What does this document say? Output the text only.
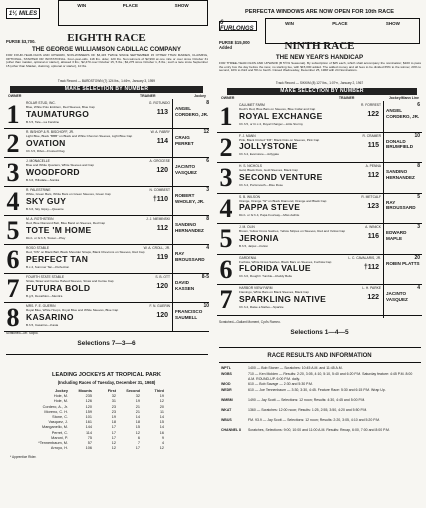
1⅛ MILES
WIN	PLACE	SHOW
PURSE $3,700.	EIGHTH RACE
THE GEORGE WILLIAMSON CADILLAC COMPANY
FOR FOUR-YEAR-OLDS AND UPWARD, NON-WINNERS OF $3,415 TWICE SINCE SEPTEMBER 15 OTHER THAN MAIDEN, CLAIMING, OPTIONAL, STARTER OR INVITATIONAL. Four-year-olds, 118 lbs. older, 120 lbs. Non-winners of $2,960 at one mile or over since October 31 (other than maiden, optional or starter), allowed 3 lbs.; $2,470 over October 15, 5 lbs.; $2,275 since October 1, 8 lbs.; such a race since September 15 (other than Maiden, claiming, optional or starter), 10 lbs.
Track Record — BARDSTOWN (7) 124 lbs., 1:46⅘, January 3, 1959
MAKE SELECTION BY NUMBER
OWNER	TRAINER	Jockey
1	ROLAR STUD, INC.	G. ROTUNDO
Blue, White Polo Emblem, Red Sleeves, Blue Cap
TAUMATURGO	113
B.h.5, Tale—La Fandine
8
ANGEL CORDERO, JR.
2	R. BISHOP & R. BISCHOFF, JR.	W. A. FABRY
Light Blue, Black "BBB" on Black and White Chevron Sleeves, Light Blue Cap
OVATION	114
Ch.h.5, Ribot—Frosted Flag
12
CRAIG PERRET
3	J. MONACELLE	A. GROCESE
Blue and White Quarters, White Sleeves and Cap
WOODFORD	120
B.h.6, Hillsdale—Sonika
6
JACINTO VASQUEZ
4	R. PALESTRINE	N. COMBEST
White, Green Bars, White Bars on Green Sleeves, Green Cap
SKY GUY	†110
B.h.6, Sky Gipsy—Queenie
3
ROBERT WHOLEY, JR.
5	M. A. ROTHSTEIN	J. J. NIEMINSKI
Red, Blue Diamond Belt, Blue Band on Sleeves, Red Cap
TOTE 'M HOME	112
Dk.b. or br.h.5, Tosser—Play
8
SANDINO HERNANDEZ
6	ROSO STABLE	W. A. CROLL, JR.
Red, "RS" on Black Ball, Black Shoulder Straps, Black Chevrons on Sleeves, Red Cap
PERFECT TAN	119
B.c.4, Summer Tan—Perfection
4
RAY BROUSSARD
7	FOURTH STATE STABLE	S. B. OTT
Straw, Straw and Cerise Halved Sleeves, Straw and Cerise Cap
FUTURA BOLD	120
B.g.5, Decathlon—Mentira
8-5
DAVID KASSEN
8	MRS. F. E. GUERIN	F. N. GUERIN
Royal Blue, White Hoops, Royal Blue and White Sleeves, Blue Cap
KASARINO	120
B.h.5, Casarino—Kasia
10
FRANCISCO SAUMELL
Scratched—Mr. Scipio.
Selections 7—3—6
LEADING JOCKEYS AT TROPICAL PARK
(Including Races of Tuesday, December 31, 1968)
Jockey	Mounts	First	Second	Third
Hole, M.	235	32	32	19
Hole, M.	126	31	19	12
Cordero, A., Jr.	120	23	21	20
Moreno, C. H.	159	23	21	11
Stone, C.	101	19	14	14
Vasquez, J.	161	18	18	15
Manganello, M.	144	17	15	14
Perret, C.	114	17	12	16
Maroni, P.	75	17	6	9
*Tennenbaum, M.	57	12	7	4
Arroyo, H.	106	12	17	12
* Apprentice Rider.
PERFECTA WINDOWS ARE NOW OPEN FOR 10th RACE
WIN	PLACE	SHOW
6 FURLONGS
PURSE $15,000 Added	NINTH RACE
THE NEW YEAR'S HANDICAP
FOR THREE-YEAR-OLDS AND UPWARD (B 5½% Seasonal). By subscription of $25 each, which shall accompany the nomination; $100 to pass the entry box the day before the race; no starting fee, with $15,000 added. The added money and all fees to be divided 65% to the winner, 20% to second, 10% to third and 5% to fourth. Closed Wednesday, December 25, 1968 with 24 Nominations.
Track Record — SIKKIM (8) 127 lbs., 1:07⅘, January 2, 1967
MAKE SELECTION BY NUMBER
OWNER	TRAINER	Jockey/Mann Line
1	CALUMET FARM	R. FORREST
Devil's Red, Blue Bars on Sleeves, Blue Collar and Cap
ROYAL EXCHANGE	122
Ch.h.5, or br.c.4, Royal Charger—Little Stormy
6
ANGEL CORDERO, JR.
2	F. J. MANN	R. CRAMER
Pink, Black Circled "FM", Black Dots on Sleeves, Pink Cap
JOLLYSTONE	115
Ch.h.4, Everstone—Jollygate
10
DONALD BRUMFIELD
3	H. S. NICHOLS	A. PENNA
Gold, Black Dots, Gold Sleeves, Black Cap
SECOND VENTURE	112
Ch.h.4, Portsmouth—Rise Rose
8
SANDINO HERNANDEZ
4	S. B. WILSON	R. METCALF
Orange, Orange "W" on Black Diamond, Orange and Black Cap
PAPPA STEVE	123
Dk.b. or br.h.4, Papa Fourway—Miss Awhile
5
RAY BROUSSARD
5	J. M. OLIN	A. WINICK
Brown, Yellow Cross Sashes, Yellow Stripes on Sleeves, Red and Yellow Cap
JERONIA	116
B.h.5, Jaipur—Fulton
3
EDWARD MAPLE
6	GARDENIA	L. C. CAVALARIS, JR.
Fuchsia, White Cross Sashes, Black Bars on Sleeves, Fuchsia Cap
FLORIDA VALUE	†112
Ch.h.6, Rough'n Tumble—Ruddy Belle
20
ROBIN PLATTS
7	HARBOR VIEW FARM	L. H. PARKE
Flamingo, White Bars on Black Sleeves, Black Cap
SPARKLING NATIVE	122
Ch.h.4, Raise a Native—Sparkie
4
JACINTO VASQUEZ
Scratched—Gallant Moment, Cyd's Romeo.
Selections 1—4—5
RACE RESULTS AND INFORMATION
WPTL	1400 — Bob Stoner — Scratches: 10:45 A.M. and 11:45 A.M.
WGBS	710 — Ken Molden — Results: 2:20, 3:05, 4:10, 5:10, 5:40 and 6:20 P.M. Saturday feature: 4:45 P.M. 8:00 A.M. ROUND-UP. 6:00 P.M. daily.
WIOD	610 — Bob Savage — 2:30 and 5:30 P.M.
WEDR	610 — Joe Tennenbaum — 3:30, 3:30, 4:45. Feature Race: 5:30 and 6:15 P.M. Wrap Up.
WMBM	1490 — Jay Scott — Selections: 12 noon; Results: 4:30, 4:45 and 5:00 P.M.
WKAT	1360 — Scratches: 12:00 noon; Results: 1:25, 2:55, 3:50, 4:20 and 5:50 P.M.
WBUS	FM. 93.9 — Jay Scott — Selections: 12 noon; Results: 2:20, 3:05, 4:10 and 5:20 P.M.
CHANNEL 8	Scratches, Selections: 9:00, 10:00 and 11:00 A.M. Results: Recap, 6:00, 7:00 and 8:00 P.M.
